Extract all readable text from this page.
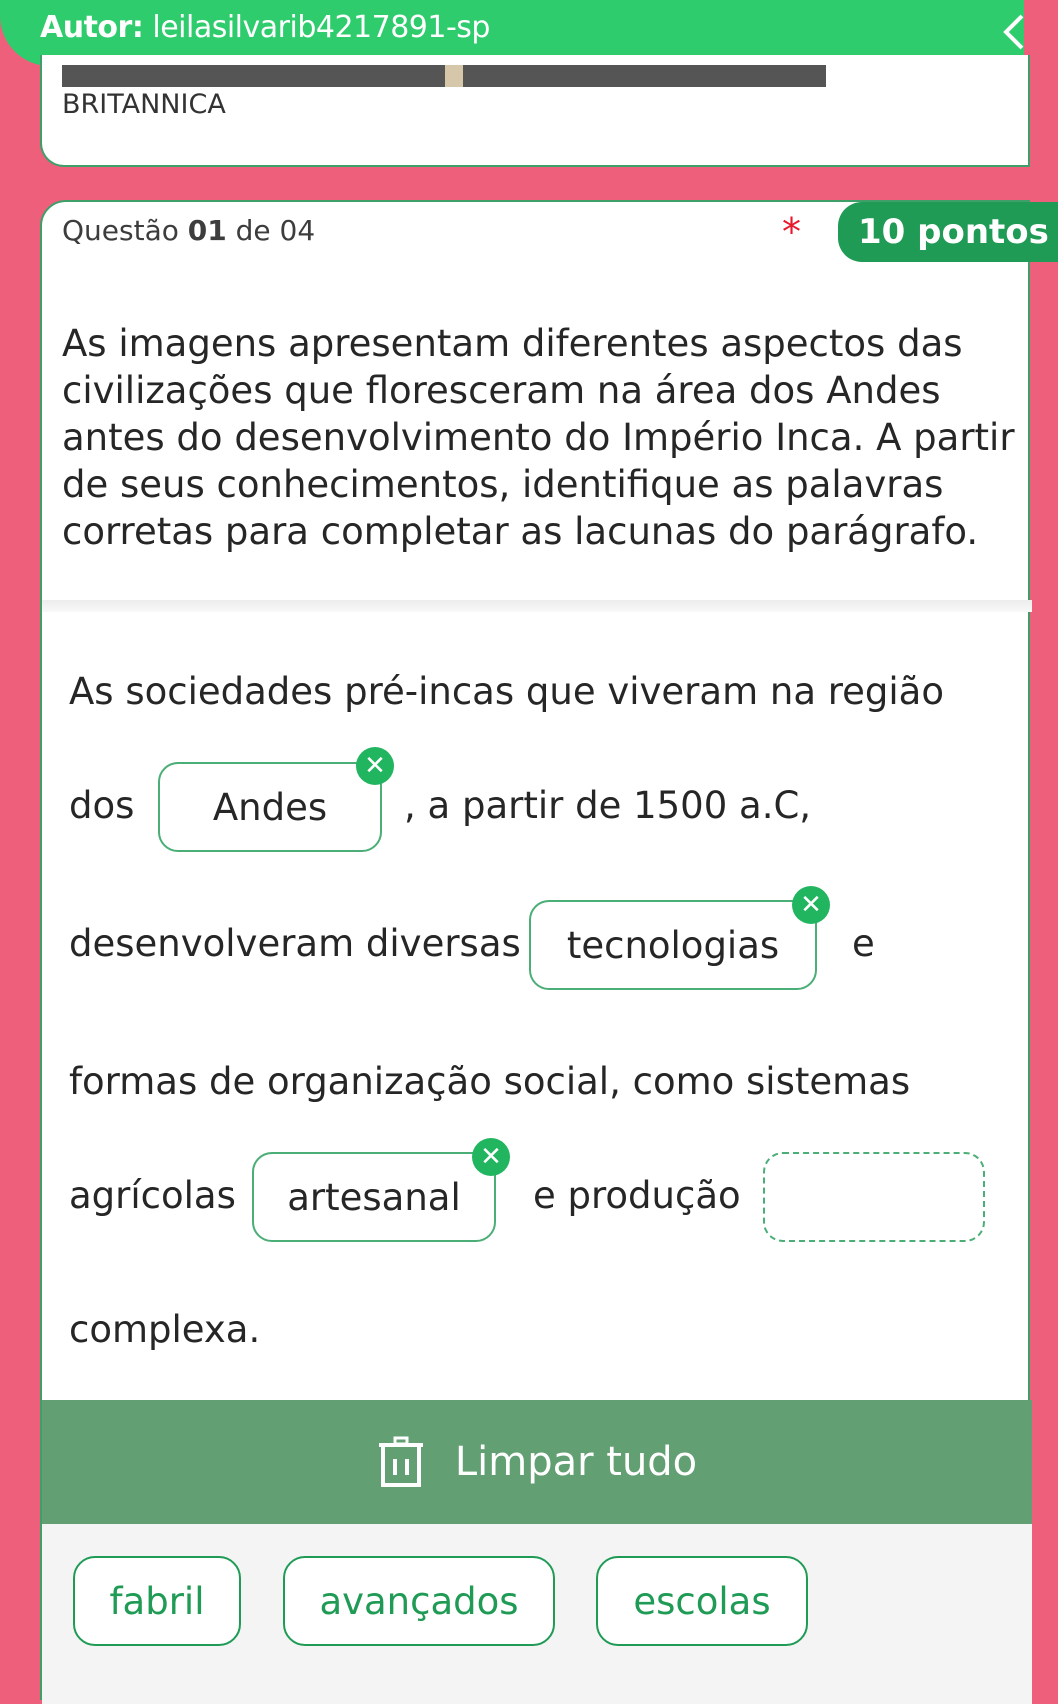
Autor: leilasilvarib4217891-sp
BRITANNICA
Questão 01 de 04	*	10 pontos
As imagens apresentam diferentes aspectos das civilizações que floresceram na área dos Andes antes do desenvolvimento do Império Inca. A partir de seus conhecimentos, identifique as palavras corretas para completar as lacunas do parágrafo.
As sociedades pré-incas que viveram na região
dos Andes
✕
, a partir de 1500 a.C,
desenvolveram diversas tecnologias
✕
e
formas de organização social, como sistemas
agrícolas artesanal
✕
e produção
complexa.
Limpar tudo
fabril	avançados	escolas
